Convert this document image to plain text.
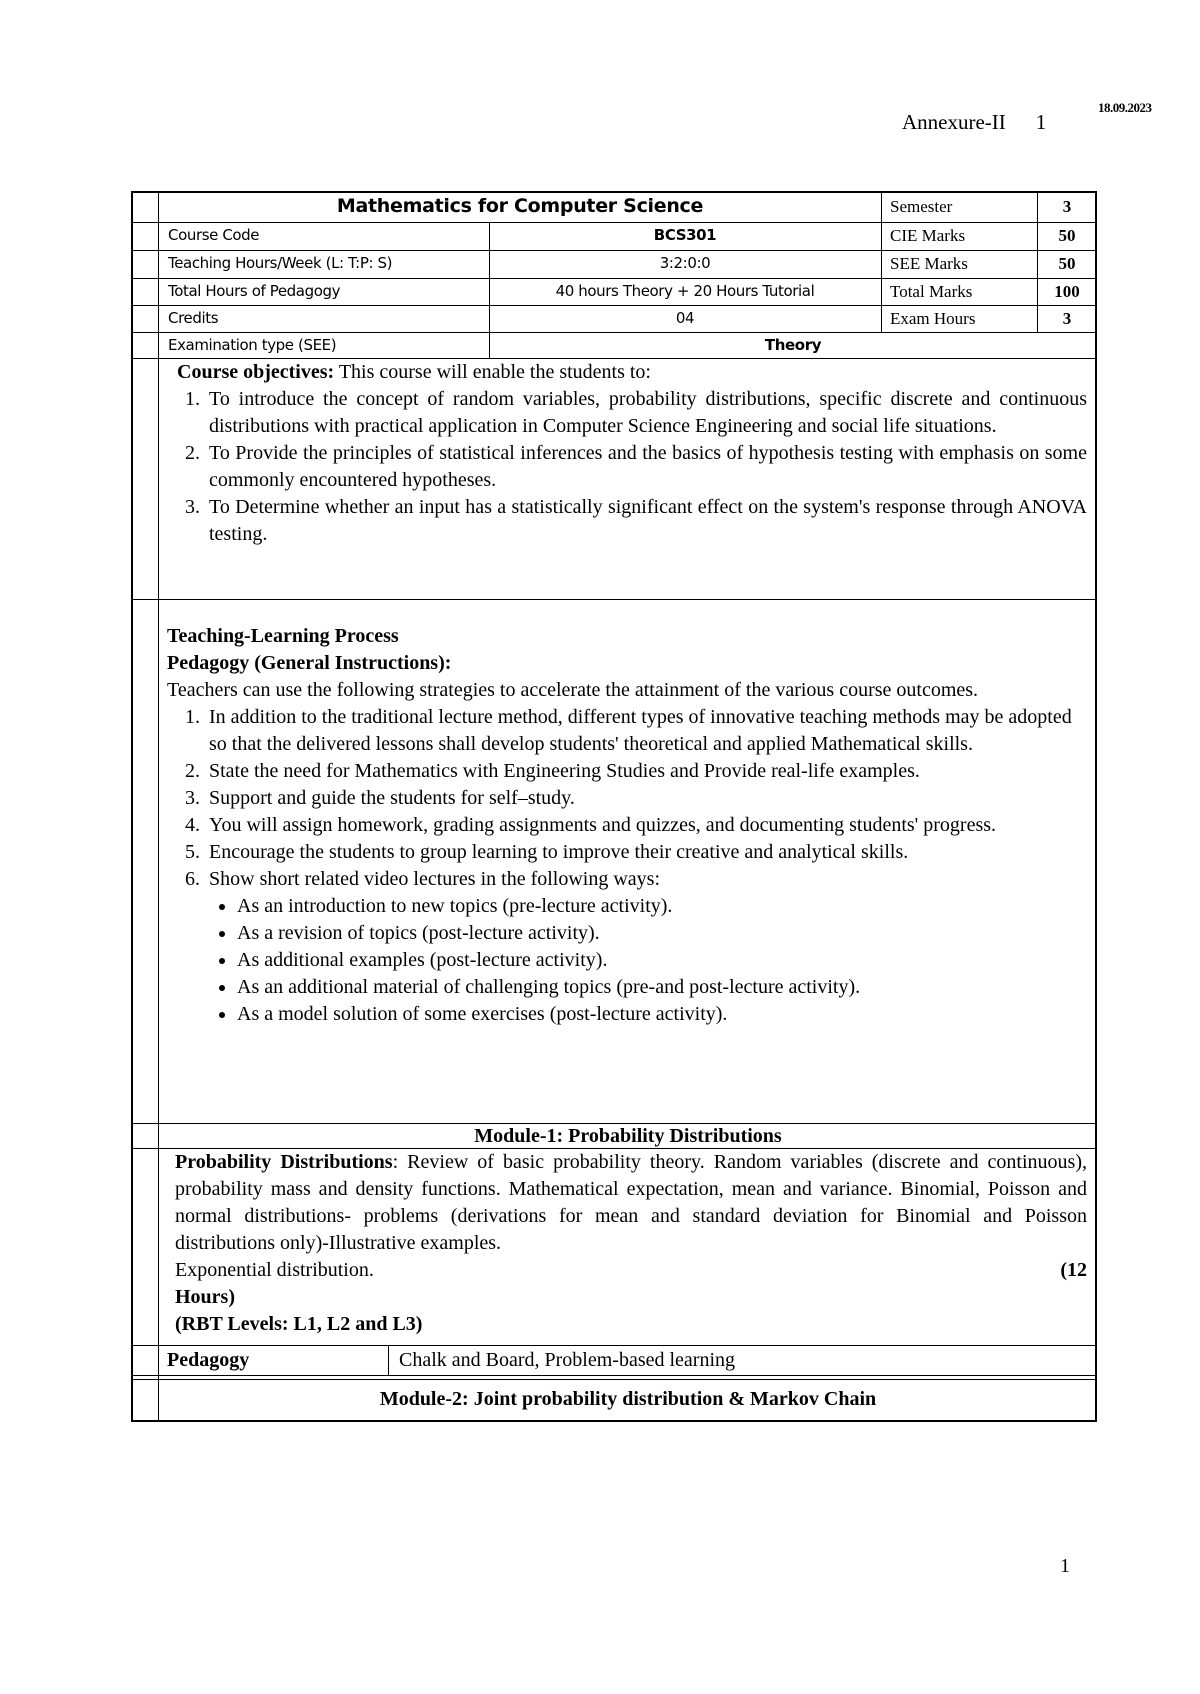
18.09.2023
Annexure-II 1
Mathematics for Computer Science	Semester	3
Course Code	BCS301	CIE Marks	50
Teaching Hours/Week (L: T:P: S)	3:2:0:0	SEE Marks	50
Total Hours of Pedagogy	40 hours Theory + 20 Hours Tutorial	Total Marks	100
Credits	04	Exam Hours	3
Examination type (SEE)	Theory

Course objectives: This course will enable the students to:

1. To introduce the concept of random variables, probability distributions, specific discrete and continuous distributions with practical application in Computer Science Engineering and social life situations.
2. To Provide the principles of statistical inferences and the basics of hypothesis testing with emphasis on some commonly encountered hypotheses.
3. To Determine whether an input has a statistically significant effect on the system's response through ANOVA testing.

Teaching-Learning Process

Pedagogy (General Instructions):

Teachers can use the following strategies to accelerate the attainment of the various course outcomes.

1. In addition to the traditional lecture method, different types of innovative teaching methods may be adopted so that the delivered lessons shall develop students' theoretical and applied Mathematical skills.
2. State the need for Mathematics with Engineering Studies and Provide real-life examples.
3. Support and guide the students for self–study.
4. You will assign homework, grading assignments and quizzes, and documenting students' progress.
5. Encourage the students to group learning to improve their creative and analytical skills.
6. Show short related video lectures in the following ways:
• As an introduction to new topics (pre-lecture activity).
• As a revision of topics (post-lecture activity).
• As additional examples (post-lecture activity).
• As an additional material of challenging topics (pre-and post-lecture activity).
• As a model solution of some exercises (post-lecture activity).
Module-1: Probability Distributions

Probability Distributions: Review of basic probability theory. Random variables (discrete and continuous), probability mass and density functions. Mathematical expectation, mean and variance. Binomial, Poisson and normal distributions- problems (derivations for mean and standard deviation for Binomial and Poisson distributions only)-Illustrative examples.

Exponential distribution.	(12

Hours)

(RBT Levels: L1, L2 and L3)

Pedagogy	Chalk and Board, Problem-based learning
Module-2: Joint probability distribution & Markov Chain
1
